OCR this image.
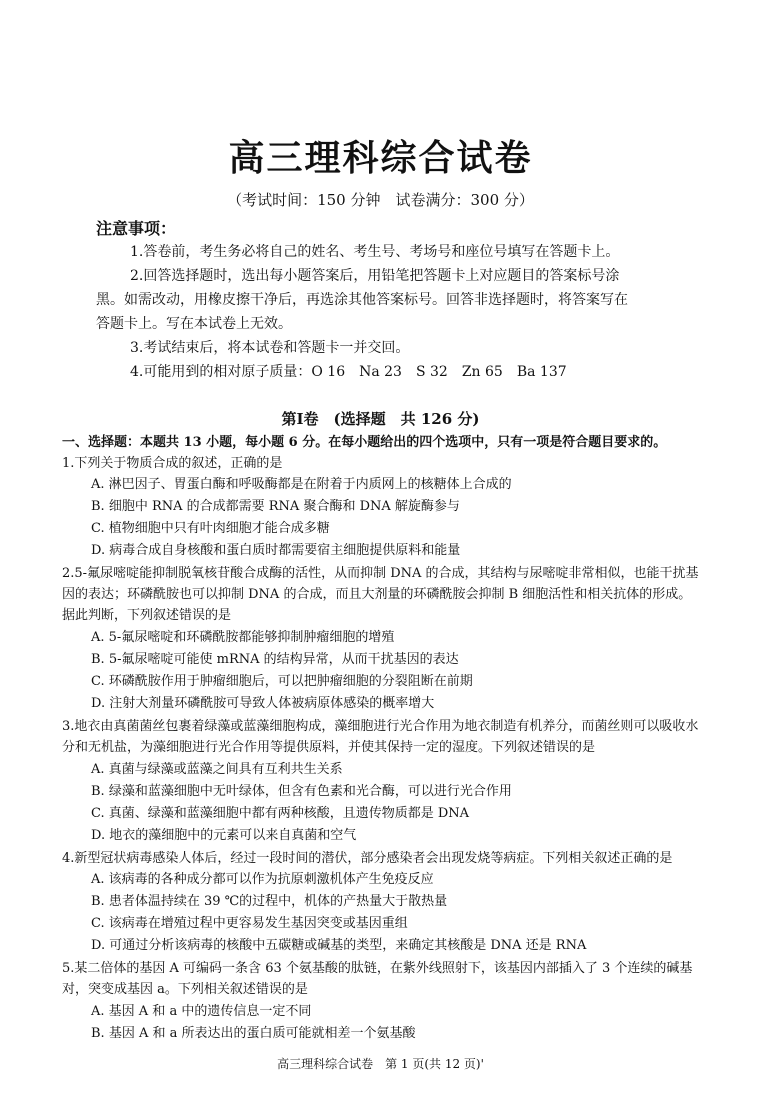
高三理科综合试卷
（考试时间：150 分钟　试卷满分：300 分）
注意事项：
1.答卷前，考生务必将自己的姓名、考生号、考场号和座位号填写在答题卡上。
2.回答选择题时，选出每小题答案后，用铅笔把答题卡上对应题目的答案标号涂
黑。如需改动，用橡皮擦干净后，再选涂其他答案标号。回答非选择题时，将答案写在
答题卡上。写在本试卷上无效。
3.考试结束后，将本试卷和答题卡一并交回。
4.可能用到的相对原子质量：O 16　Na 23　S 32　Zn 65　Ba 137
第Ⅰ卷　(选择题　共 126 分)
一、选择题：本题共 13 小题，每小题 6 分。在每小题给出的四个选项中，只有一项是符合题目要求的。
1.下列关于物质合成的叙述，正确的是
A. 淋巴因子、胃蛋白酶和呼吸酶都是在附着于内质网上的核糖体上合成的
B. 细胞中 RNA 的合成都需要 RNA 聚合酶和 DNA 解旋酶参与
C. 植物细胞中只有叶肉细胞才能合成多糖
D. 病毒合成自身核酸和蛋白质时都需要宿主细胞提供原料和能量
2.5-氟尿嘧啶能抑制脱氧核苷酸合成酶的活性，从而抑制 DNA 的合成，其结构与尿嘧啶非常相似，也能干扰基因的表达；环磷酰胺也可以抑制 DNA 的合成，而且大剂量的环磷酰胺会抑制 B 细胞活性和相关抗体的形成。据此判断，下列叙述错误的是
A. 5-氟尿嘧啶和环磷酰胺都能够抑制肿瘤细胞的增殖
B. 5-氟尿嘧啶可能使 mRNA 的结构异常，从而干扰基因的表达
C. 环磷酰胺作用于肿瘤细胞后，可以把肿瘤细胞的分裂阻断在前期
D. 注射大剂量环磷酰胺可导致人体被病原体感染的概率增大
3.地衣由真菌菌丝包裹着绿藻或蓝藻细胞构成，藻细胞进行光合作用为地衣制造有机养分，而菌丝则可以吸收水分和无机盐，为藻细胞进行光合作用等提供原料，并使其保持一定的湿度。下列叙述错误的是
A. 真菌与绿藻或蓝藻之间具有互利共生关系
B. 绿藻和蓝藻细胞中无叶绿体，但含有色素和光合酶，可以进行光合作用
C. 真菌、绿藻和蓝藻细胞中都有两种核酸，且遗传物质都是 DNA
D. 地衣的藻细胞中的元素可以来自真菌和空气
4.新型冠状病毒感染人体后，经过一段时间的潜伏，部分感染者会出现发烧等病症。下列相关叙述正确的是
A. 该病毒的各种成分都可以作为抗原刺激机体产生免疫反应
B. 患者体温持续在 39 ℃的过程中，机体的产热量大于散热量
C. 该病毒在增殖过程中更容易发生基因突变或基因重组
D. 可通过分析该病毒的核酸中五碳糖或碱基的类型，来确定其核酸是 DNA 还是 RNA
5.某二倍体的基因 A 可编码一条含 63 个氨基酸的肽链，在紫外线照射下，该基因内部插入了 3 个连续的碱基对，突变成基因 a。下列相关叙述错误的是
A. 基因 A 和 a 中的遗传信息一定不同
B. 基因 A 和 a 所表达出的蛋白质可能就相差一个氨基酸
高三理科综合试卷　第 1 页(共 12 页)'
